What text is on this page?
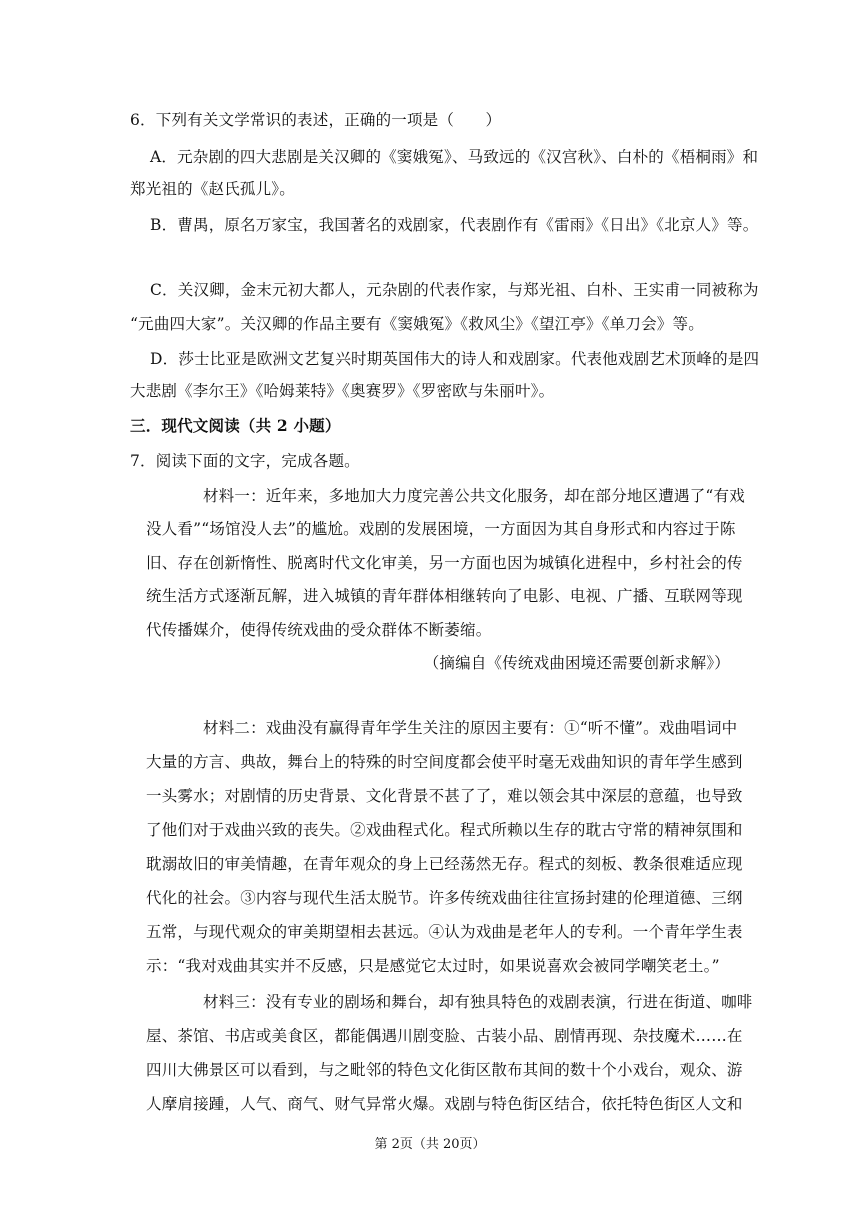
6．下列有关文学常识的表述，正确的一项是（　　）
A．元杂剧的四大悲剧是关汉卿的《窦娥冤》、马致远的《汉宫秋》、白朴的《梧桐雨》和
郑光祖的《赵氏孤儿》。
B．曹禺，原名万家宝，我国著名的戏剧家，代表剧作有《雷雨》《日出》《北京人》等。
C．关汉卿，金末元初大都人，元杂剧的代表作家，与郑光祖、白朴、王实甫一同被称为
“元曲四大家”。关汉卿的作品主要有《窦娥冤》《救风尘》《望江亭》《单刀会》等。
D．莎士比亚是欧洲文艺复兴时期英国伟大的诗人和戏剧家。代表他戏剧艺术顶峰的是四
大悲剧《李尔王》《哈姆莱特》《奥赛罗》《罗密欧与朱丽叶》。
三．现代文阅读（共 2 小题）
7．阅读下面的文字，完成各题。
材料一：近年来，多地加大力度完善公共文化服务，却在部分地区遭遇了“有戏
没人看”“场馆没人去”的尴尬。戏剧的发展困境，一方面因为其自身形式和内容过于陈
旧、存在创新惰性、脱离时代文化审美，另一方面也因为城镇化进程中，乡村社会的传
统生活方式逐渐瓦解，进入城镇的青年群体相继转向了电影、电视、广播、互联网等现
代传播媒介，使得传统戏曲的受众群体不断萎缩。
（摘编自《传统戏曲困境还需要创新求解》）
材料二：戏曲没有赢得青年学生关注的原因主要有：①“听不懂”。戏曲唱词中
大量的方言、典故，舞台上的特殊的时空间度都会使平时毫无戏曲知识的青年学生感到
一头雾水；对剧情的历史背景、文化背景不甚了了，难以领会其中深层的意蕴，也导致
了他们对于戏曲兴致的丧失。②戏曲程式化。程式所赖以生存的耽古守常的精神氛围和
耽溺故旧的审美情趣，在青年观众的身上已经荡然无存。程式的刻板、教条很难适应现
代化的社会。③内容与现代生活太脱节。许多传统戏曲往往宣扬封建的伦理道德、三纲
五常，与现代观众的审美期望相去甚远。④认为戏曲是老年人的专利。一个青年学生表
示：“我对戏曲其实并不反感，只是感觉它太过时，如果说喜欢会被同学嘲笑老土。”
材料三：没有专业的剧场和舞台，却有独具特色的戏剧表演，行进在街道、咖啡
屋、茶馆、书店或美食区，都能偶遇川剧变脸、古装小品、剧情再现、杂技魔术……在
四川大佛景区可以看到，与之毗邻的特色文化街区散布其间的数十个小戏台，观众、游
人摩肩接踵，人气、商气、财气异常火爆。戏剧与特色街区结合，依托特色街区人文和
第 2页（共 20页）
